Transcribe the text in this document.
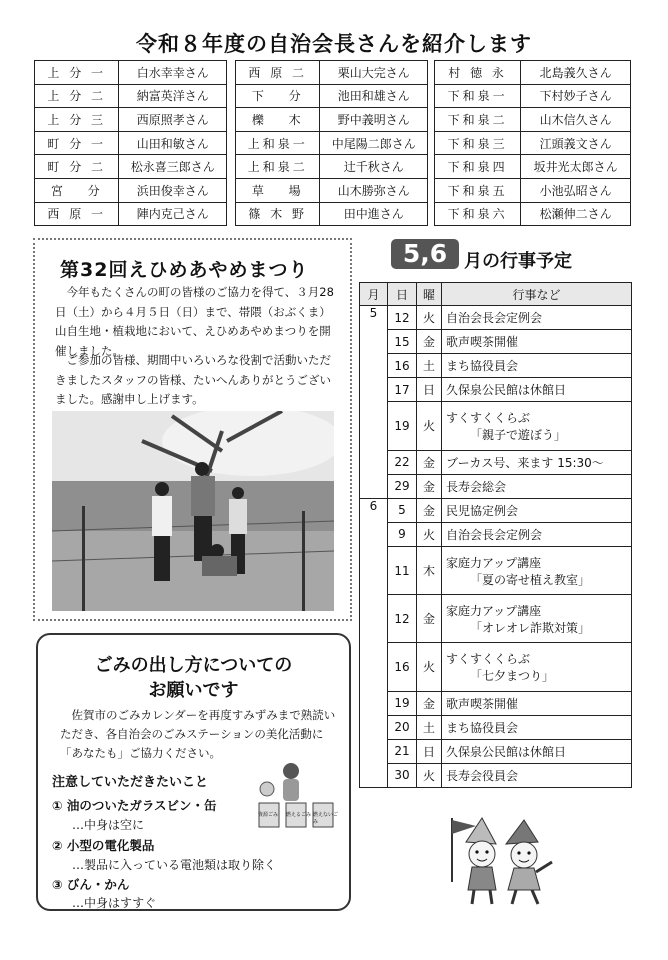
令和８年度の自治会長さんを紹介します
上 分 一	白水幸幸さん
上 分 二	納富英洋さん
上 分 三	西原照孝さん
町 分 一	山田和敏さん
町 分 二	松永喜三郎さん
宮　 分	浜田俊幸さん
西 原 一	陣内克己さん
西 原 二	栗山大完さん
下　 分	池田和雄さん
櫟　 木	野中義明さん
上和泉一	中尾陽二郎さん
上和泉二	辻千秋さん
草　 場	山木勝弥さん
篠 木 野	田中進さん
村 徳 永	北島義久さん
下和泉一	下村妙子さん
下和泉二	山木信久さん
下和泉三	江頭義文さん
下和泉四	坂井光太郎さん
下和泉五	小池弘昭さん
下和泉六	松瀬伸二さん
第32回えひめあやめまつり
今年もたくさんの町の皆様のご協力を得て、３月28日（土）から４月５日（日）まで、帯隈（おぶくま）山自生地・植栽地において、えひめあやめまつりを開催しました。
ご参加の皆様、期間中いろいろな役割で活動いただきましたスタッフの皆様、たいへんありがとうございました。感謝申し上げます。
ごみの出し方についての
お願いです
佐賀市のごみカレンダーを再度すみずみまで熟読いただき、各自治会のごみステーションの美化活動に「あなたも」ご協力ください。
注意していただきたいこと
① 油のついたガラスビン・缶
…中身は空に
② 小型の電化製品
…製品に入っている電池類は取り除く
③ びん・かん
…中身はすすぐ
資源ごみ 燃えるごみ 燃えないごみ
5,6 月の行事予定
月	日	曜	行事など
5	12	火	自治会長会定例会
	15	金	歌声喫茶開催
	16	土	まち協役員会
	17	日	久保泉公民館は休館日
	19	火	すくすくくらぶ
「親子で遊ぼう」

	22	金	ブーカス号、来ます 15:30～
	29	金	長寿会総会
6	5	金	民児協定例会
	9	火	自治会長会定例会
	11	木	家庭力アップ講座
「夏の寄せ植え教室」

	12	金	家庭力アップ講座
「オレオレ詐欺対策」

	16	火	すくすくくらぶ
「七夕まつり」

	19	金	歌声喫茶開催
	20	土	まち協役員会
	21	日	久保泉公民館は休館日
	30	火	長寿会役員会
